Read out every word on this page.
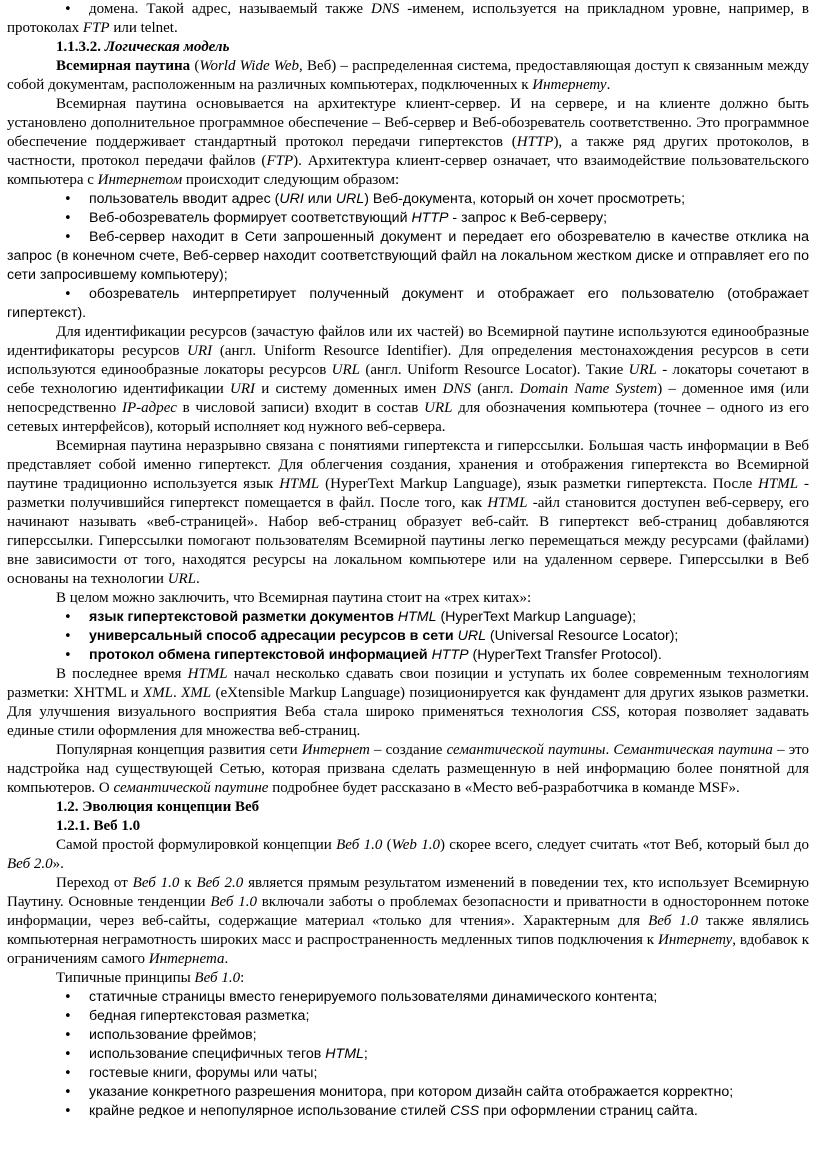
• домена. Такой адрес, называемый также DNS -именем, используется на прикладном уровне, например, в протоколах FTP или telnet.

1.1.3.2. Логическая модель

Всемирная паутина (World Wide Web, Веб) – распределенная система, предоставляющая доступ к связанным между собой документам, расположенным на различных компьютерах, подключенных к Интернету.

Всемирная паутина основывается на архитектуре клиент-сервер. И на сервере, и на клиенте должно быть установлено дополнительное программное обеспечение – Веб-сервер и Веб-обозреватель соответственно. Это программное обеспечение поддерживает стандартный протокол передачи гипертекстов (HTTP), а также ряд других протоколов, в частности, протокол передачи файлов (FTP). Архитектура клиент-сервер означает, что взаимодействие пользовательского компьютера с Интернетом происходит следующим образом:

• пользователь вводит адрес (URI или URL) Веб-документа, который он хочет просмотреть;

• Веб-обозреватель формирует соответствующий HTTP - запрос к Веб-серверу;

• Веб-сервер находит в Сети запрошенный документ и передает его обозревателю в качестве отклика на запрос (в конечном счете, Веб-сервер находит соответствующий файл на локальном жестком диске и отправляет его по сети запросившему компьютеру);

• обозреватель интерпретирует полученный документ и отображает его пользователю (отображает гипертекст).

Для идентификации ресурсов (зачастую файлов или их частей) во Всемирной паутине используются единообразные идентификаторы ресурсов URI (англ. Uniform Resource Identifier). Для определения местонахождения ресурсов в сети используются единообразные локаторы ресурсов URL (англ. Uniform Resource Locator). Такие URL - локаторы сочетают в себе технологию идентификации URI и систему доменных имен DNS (англ. Domain Name System) – доменное имя (или непосредственно IP-адрес в числовой записи) входит в состав URL для обозначения компьютера (точнее – одного из его сетевых интерфейсов), который исполняет код нужного веб-сервера.

Всемирная паутина неразрывно связана с понятиями гипертекста и гиперссылки. Большая часть информации в Веб представляет собой именно гипертекст. Для облегчения создания, хранения и отображения гипертекста во Всемирной паутине традиционно используется язык HTML (HyperText Markup Language), язык разметки гипертекста. После HTML - разметки получившийся гипертекст помещается в файл. После того, как HTML -айл становится доступен веб-серверу, его начинают называть «веб-страницей». Набор веб-страниц образует веб-сайт. В гипертекст веб-страниц добавляются гиперссылки. Гиперссылки помогают пользователям Всемирной паутины легко перемещаться между ресурсами (файлами) вне зависимости от того, находятся ресурсы на локальном компьютере или на удаленном сервере. Гиперссылки в Веб основаны на технологии URL.

В целом можно заключить, что Всемирная паутина стоит на «трех китах»:

• язык гипертекстовой разметки документов HTML (HyperText Markup Language);

• универсальный способ адресации ресурсов в сети URL (Universal Resource Locator);

• протокол обмена гипертекстовой информацией HTTP (HyperText Transfer Protocol).

В последнее время HTML начал несколько сдавать свои позиции и уступать их более современным технологиям разметки: XHTML и XML. XML (eXtensible Markup Language) позиционируется как фундамент для других языков разметки. Для улучшения визуального восприятия Веба стала широко применяться технология CSS, которая позволяет задавать единые стили оформления для множества веб-страниц.

Популярная концепция развития сети Интернет – создание семантической паутины. Семантическая паутина – это надстройка над существующей Сетью, которая призвана сделать размещенную в ней информацию более понятной для компьютеров. О семантической паутине подробнее будет рассказано в «Место веб-разработчика в команде MSF».

1.2. Эволюция концепции Веб

1.2.1. Веб 1.0

Самой простой формулировкой концепции Веб 1.0 (Web 1.0) скорее всего, следует считать «тот Веб, который был до Веб 2.0».

Переход от Веб 1.0 к Веб 2.0 является прямым результатом изменений в поведении тех, кто использует Всемирную Паутину. Основные тенденции Веб 1.0 включали заботы о проблемах безопасности и приватности в одностороннем потоке информации, через веб-сайты, содержащие материал «только для чтения». Характерным для Веб 1.0 также являлись компьютерная неграмотность широких масс и распространенность медленных типов подключения к Интернету, вдобавок к ограничениям самого Интернета.

Типичные принципы Веб 1.0:

• статичные страницы вместо генерируемого пользователями динамического контента;

• бедная гипертекстовая разметка;

• использование фреймов;

• использование специфичных тегов HTML;

• гостевые книги, форумы или чаты;

• указание конкретного разрешения монитора, при котором дизайн сайта отображается корректно;

• крайне редкое и непопулярное использование стилей CSS при оформлении страниц сайта.
